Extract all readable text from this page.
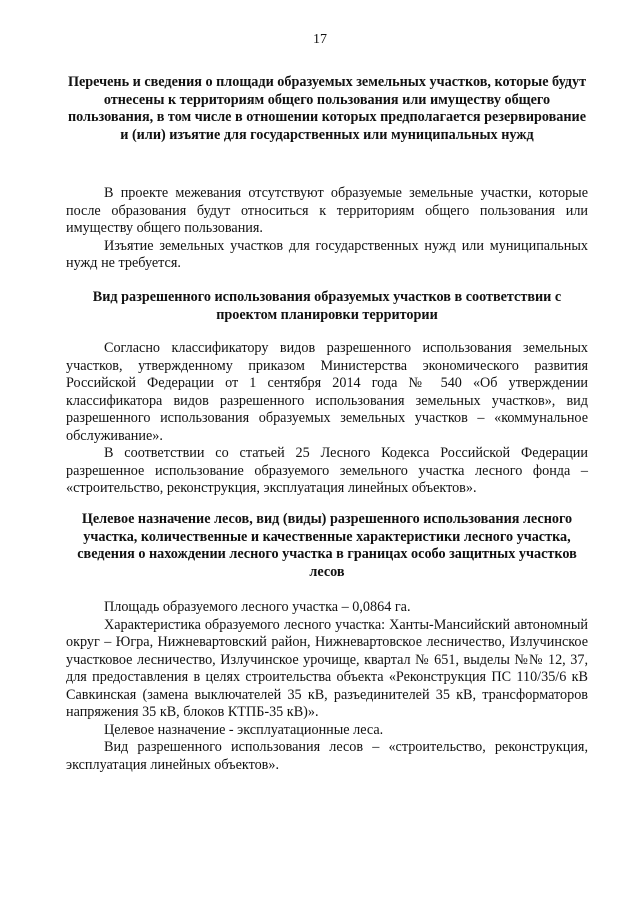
17

Перечень и сведения о площади образуемых земельных участков, которые будут отнесены к территориям общего пользования или имуществу общего пользования, в том числе в отношении которых предполагается резервирование и (или) изъятие для государственных или муниципальных нужд

В проекте межевания отсутствуют образуемые земельные участки, которые после образования будут относиться к территориям общего пользования или имуществу общего пользования.

Изъятие земельных участков для государственных нужд или муниципальных нужд не требуется.

Вид разрешенного использования образуемых участков в соответствии с проектом планировки территории

Согласно классификатору видов разрешенного использования земельных участков, утвержденному приказом Министерства экономического развития Российской Федерации от 1 сентября 2014 года № 540 «Об утверждении классификатора видов разрешенного использования земельных участков», вид разрешенного использования образуемых земельных участков – «коммунальное обслуживание».

В соответствии со статьей 25 Лесного Кодекса Российской Федерации разрешенное использование образуемого земельного участка лесного фонда – «строительство, реконструкция, эксплуатация линейных объектов».

Целевое назначение лесов, вид (виды) разрешенного использования лесного участка, количественные и качественные характеристики лесного участка, сведения о нахождении лесного участка в границах особо защитных участков лесов

Площадь образуемого лесного участка – 0,0864 га.

Характеристика образуемого лесного участка: Ханты-Мансийский автономный округ – Югра, Нижневартовский район, Нижневартовское лесничество, Излучинское участковое лесничество, Излучинское урочище, квартал № 651, выделы №№ 12, 37, для предоставления в целях строительства объекта «Реконструкция ПС 110/35/6 кВ Савкинская (замена выключателей 35 кВ, разъединителей 35 кВ, трансформаторов напряжения 35 кВ, блоков КТПБ-35 кВ)».

Целевое назначение - эксплуатационные леса.

Вид разрешенного использования лесов – «строительство, реконструкция, эксплуатация линейных объектов».
